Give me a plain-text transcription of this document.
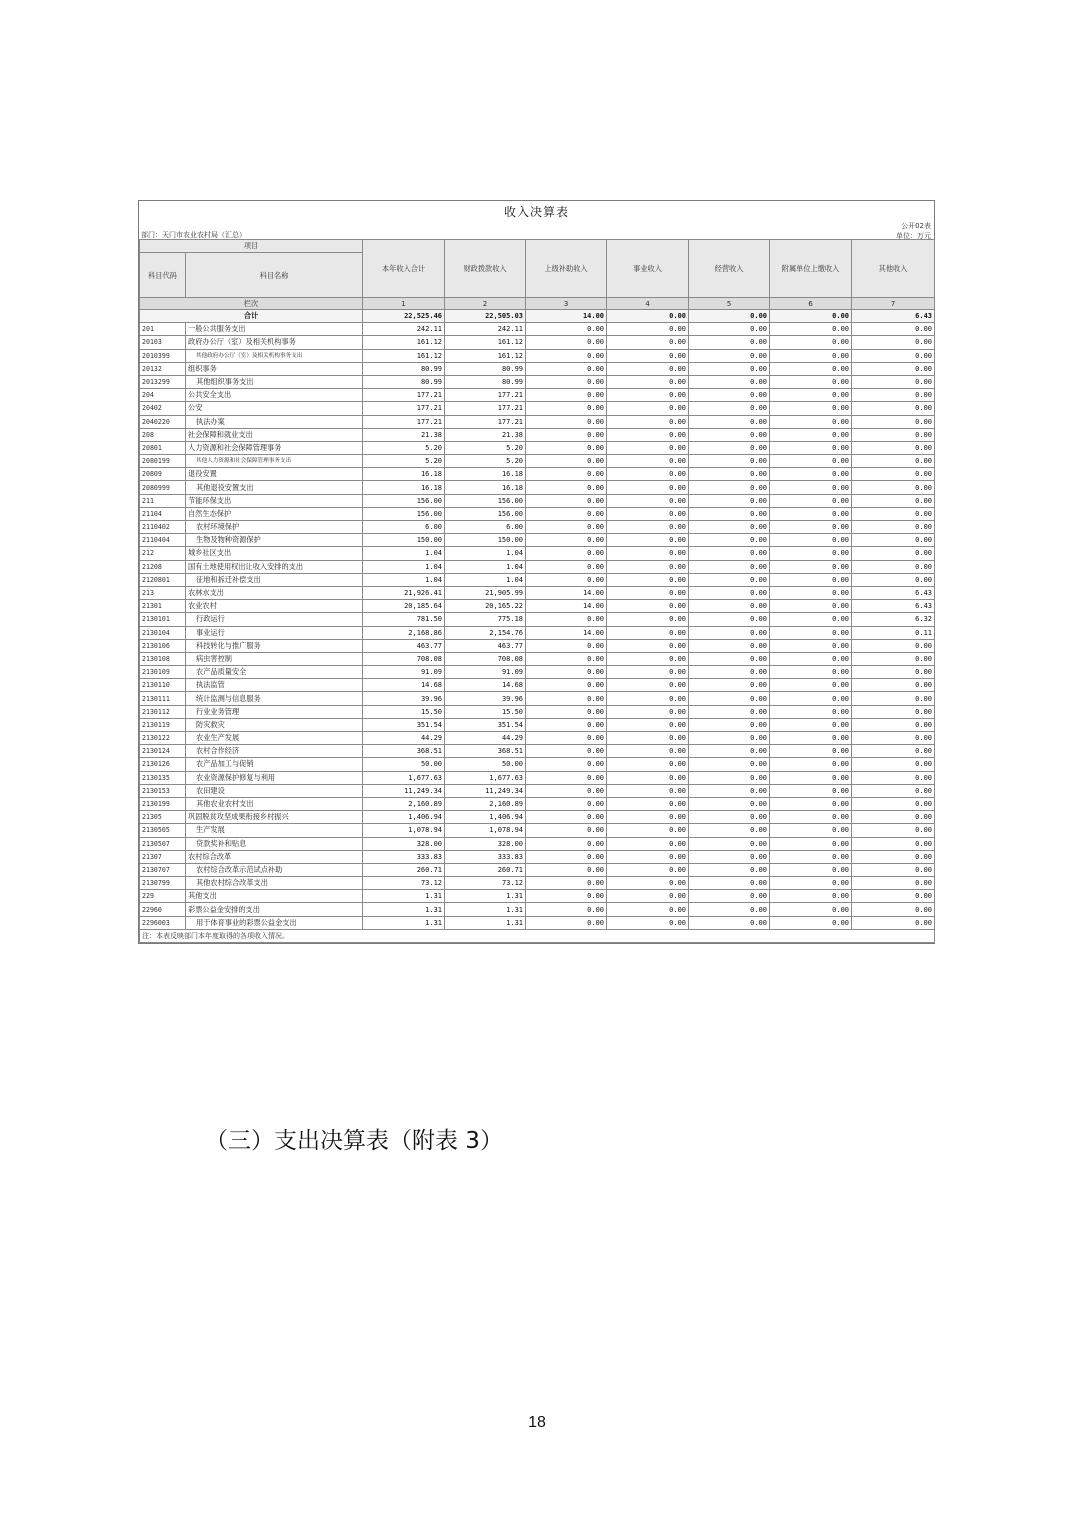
收入决算表
公开02表
部门：天门市农业农村局（汇总）	单位：万元
项目		本年收入合计	财政拨款收入	上级补助收入	事业收入	经营收入	附属单位上缴收入	其他收入
科目代码	科目名称							
栏次		1	2	3	4	5	6	7
合计		22,525.46	22,505.03	14.00	0.00	0.00	0.00	6.43
201	一般公共服务支出	242.11	242.11	0.00	0.00	0.00	0.00	0.00
20103	政府办公厅（室）及相关机构事务	161.12	161.12	0.00	0.00	0.00	0.00	0.00
2010399	其他政府办公厅（室）及相关机构事务支出	161.12	161.12	0.00	0.00	0.00	0.00	0.00
20132	组织事务	80.99	80.99	0.00	0.00	0.00	0.00	0.00
2013299	其他组织事务支出	80.99	80.99	0.00	0.00	0.00	0.00	0.00
204	公共安全支出	177.21	177.21	0.00	0.00	0.00	0.00	0.00
20402	公安	177.21	177.21	0.00	0.00	0.00	0.00	0.00
2040220	执法办案	177.21	177.21	0.00	0.00	0.00	0.00	0.00
208	社会保障和就业支出	21.38	21.38	0.00	0.00	0.00	0.00	0.00
20801	人力资源和社会保障管理事务	5.20	5.20	0.00	0.00	0.00	0.00	0.00
2080199	其他人力资源和社会保障管理事务支出	5.20	5.20	0.00	0.00	0.00	0.00	0.00
20809	退役安置	16.18	16.18	0.00	0.00	0.00	0.00	0.00
2080999	其他退役安置支出	16.18	16.18	0.00	0.00	0.00	0.00	0.00
211	节能环保支出	156.00	156.00	0.00	0.00	0.00	0.00	0.00
21104	自然生态保护	156.00	156.00	0.00	0.00	0.00	0.00	0.00
2110402	农村环境保护	6.00	6.00	0.00	0.00	0.00	0.00	0.00
2110404	生物及物种资源保护	150.00	150.00	0.00	0.00	0.00	0.00	0.00
212	城乡社区支出	1.04	1.04	0.00	0.00	0.00	0.00	0.00
21208	国有土地使用权出让收入安排的支出	1.04	1.04	0.00	0.00	0.00	0.00	0.00
2120801	征地和拆迁补偿支出	1.04	1.04	0.00	0.00	0.00	0.00	0.00
213	农林水支出	21,926.41	21,905.99	14.00	0.00	0.00	0.00	6.43
21301	农业农村	20,185.64	20,165.22	14.00	0.00	0.00	0.00	6.43
2130101	行政运行	781.50	775.18	0.00	0.00	0.00	0.00	6.32
2130104	事业运行	2,168.86	2,154.76	14.00	0.00	0.00	0.00	0.11
2130106	科技转化与推广服务	463.77	463.77	0.00	0.00	0.00	0.00	0.00
2130108	病虫害控制	708.08	708.08	0.00	0.00	0.00	0.00	0.00
2130109	农产品质量安全	91.09	91.09	0.00	0.00	0.00	0.00	0.00
2130110	执法监管	14.68	14.68	0.00	0.00	0.00	0.00	0.00
2130111	统计监测与信息服务	39.96	39.96	0.00	0.00	0.00	0.00	0.00
2130112	行业业务管理	15.50	15.50	0.00	0.00	0.00	0.00	0.00
2130119	防灾救灾	351.54	351.54	0.00	0.00	0.00	0.00	0.00
2130122	农业生产发展	44.29	44.29	0.00	0.00	0.00	0.00	0.00
2130124	农村合作经济	368.51	368.51	0.00	0.00	0.00	0.00	0.00
2130126	农产品加工与促销	50.00	50.00	0.00	0.00	0.00	0.00	0.00
2130135	农业资源保护修复与利用	1,677.63	1,677.63	0.00	0.00	0.00	0.00	0.00
2130153	农田建设	11,249.34	11,249.34	0.00	0.00	0.00	0.00	0.00
2130199	其他农业农村支出	2,160.89	2,160.89	0.00	0.00	0.00	0.00	0.00
21305	巩固脱贫攻坚成果衔接乡村振兴	1,406.94	1,406.94	0.00	0.00	0.00	0.00	0.00
2130505	生产发展	1,078.94	1,078.94	0.00	0.00	0.00	0.00	0.00
2130507	贷款奖补和贴息	328.00	328.00	0.00	0.00	0.00	0.00	0.00
21307	农村综合改革	333.83	333.83	0.00	0.00	0.00	0.00	0.00
2130707	农村综合改革示范试点补助	260.71	260.71	0.00	0.00	0.00	0.00	0.00
2130799	其他农村综合改革支出	73.12	73.12	0.00	0.00	0.00	0.00	0.00
229	其他支出	1.31	1.31	0.00	0.00	0.00	0.00	0.00
22960	彩票公益金安排的支出	1.31	1.31	0.00	0.00	0.00	0.00	0.00
2296003	用于体育事业的彩票公益金支出	1.31	1.31	0.00	0.00	0.00	0.00	0.00
注：本表反映部门本年度取得的各项收入情况。								
（三）支出决算表（附表 3）
18
